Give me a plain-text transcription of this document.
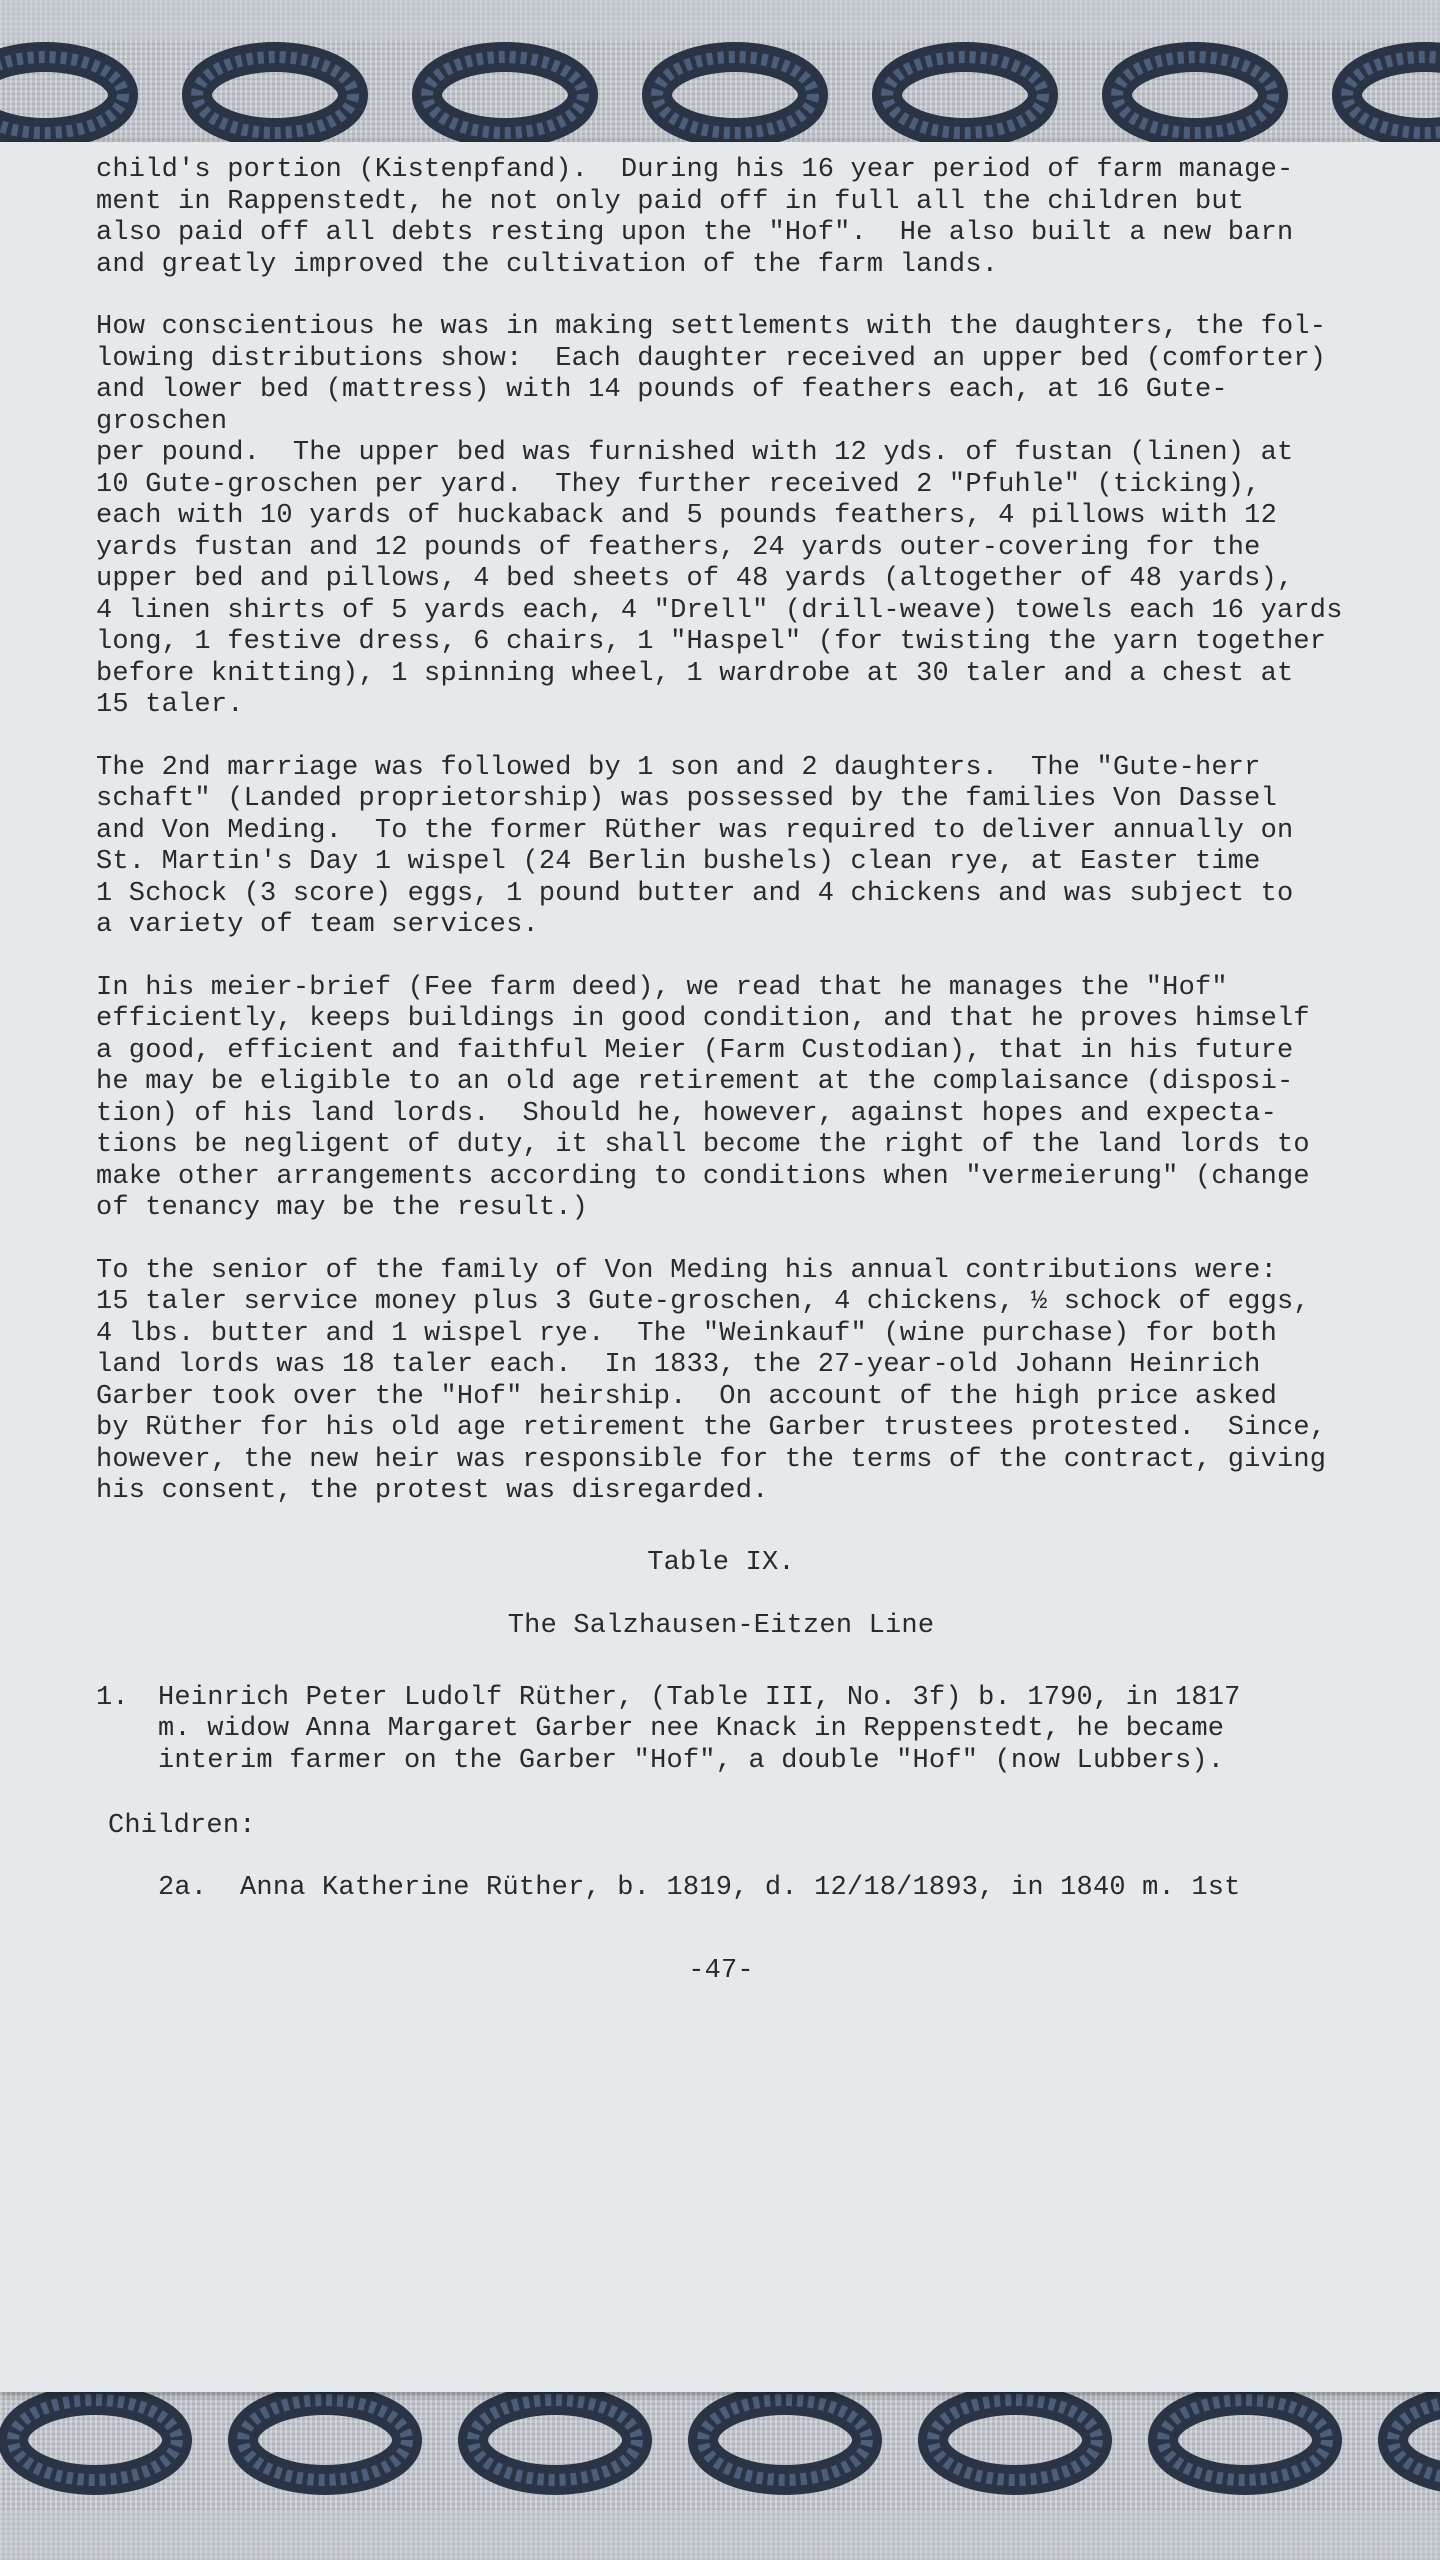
child's portion (Kistenpfand).  During his 16 year period of farm manage-
ment in Rappenstedt, he not only paid off in full all the children but
also paid off all debts resting upon the "Hof".  He also built a new barn
and greatly improved the cultivation of the farm lands.

How conscientious he was in making settlements with the daughters, the fol-
lowing distributions show:  Each daughter received an upper bed (comforter)
and lower bed (mattress) with 14 pounds of feathers each, at 16 Gute-groschen
per pound.  The upper bed was furnished with 12 yds. of fustan (linen) at
10 Gute-groschen per yard.  They further received 2 "Pfuhle" (ticking),
each with 10 yards of huckaback and 5 pounds feathers, 4 pillows with 12
yards fustan and 12 pounds of feathers, 24 yards outer-covering for the
upper bed and pillows, 4 bed sheets of 48 yards (altogether of 48 yards),
4 linen shirts of 5 yards each, 4 "Drell" (drill-weave) towels each 16 yards
long, 1 festive dress, 6 chairs, 1 "Haspel" (for twisting the yarn together
before knitting), 1 spinning wheel, 1 wardrobe at 30 taler and a chest at
15 taler.

The 2nd marriage was followed by 1 son and 2 daughters.  The "Gute-herr
schaft" (Landed proprietorship) was possessed by the families Von Dassel
and Von Meding.  To the former Rüther was required to deliver annually on
St. Martin's Day 1 wispel (24 Berlin bushels) clean rye, at Easter time
1 Schock (3 score) eggs, 1 pound butter and 4 chickens and was subject to
a variety of team services.

In his meier-brief (Fee farm deed), we read that he manages the "Hof"
efficiently, keeps buildings in good condition, and that he proves himself
a good, efficient and faithful Meier (Farm Custodian), that in his future
he may be eligible to an old age retirement at the complaisance (disposi-
tion) of his land lords.  Should he, however, against hopes and expecta-
tions be negligent of duty, it shall become the right of the land lords to
make other arrangements according to conditions when "vermeierung" (change
of tenancy may be the result.)

To the senior of the family of Von Meding his annual contributions were:
15 taler service money plus 3 Gute-groschen, 4 chickens, ½ schock of eggs,
4 lbs. butter and 1 wispel rye.  The "Weinkauf" (wine purchase) for both
land lords was 18 taler each.  In 1833, the 27-year-old Johann Heinrich
Garber took over the "Hof" heirship.  On account of the high price asked
by Rüther for his old age retirement the Garber trustees protested.  Since,
however, the new heir was responsible for the terms of the contract, giving
his consent, the protest was disregarded.

Table IX.

The Salzhausen-Eitzen Line

1.	Heinrich Peter Ludolf Rüther, (Table III, No. 3f) b. 1790, in 1817
m. widow Anna Margaret Garber nee Knack in Reppenstedt, he became
interim farmer on the Garber "Hof", a double "Hof" (now Lubbers).

Children:

2a.  Anna Katherine Rüther, b. 1819, d. 12/18/1893, in 1840 m. 1st

-47-
